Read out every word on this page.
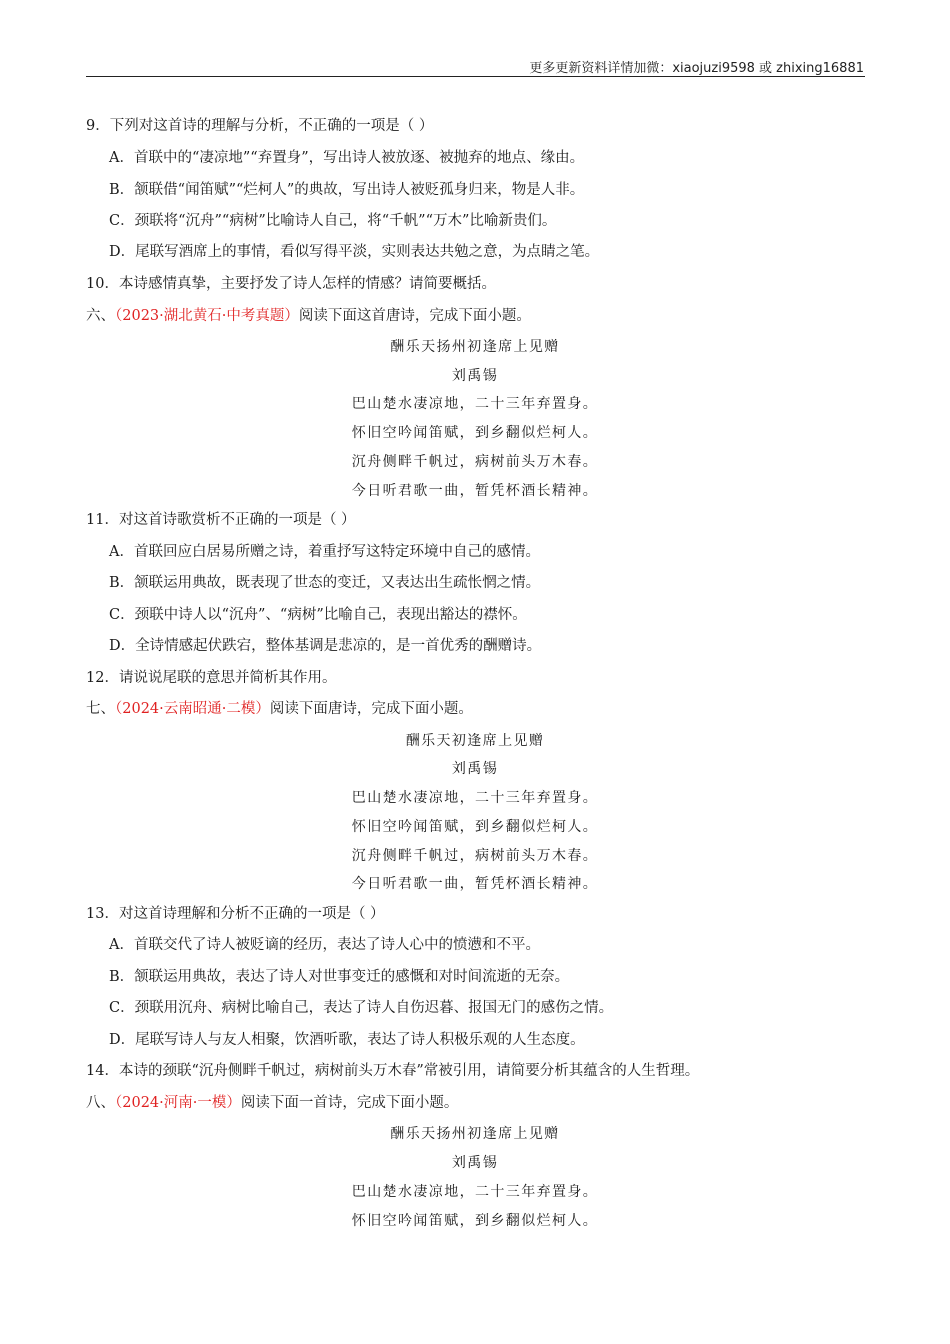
更多更新资料详情加微：xiaojuzi9598 或 zhixing16881
9．下列对这首诗的理解与分析，不正确的一项是（ ）
A．首联中的“凄凉地”“弃置身”，写出诗人被放逐、被抛弃的地点、缘由。
B．颔联借“闻笛赋”“烂柯人”的典故，写出诗人被贬孤身归来，物是人非。
C．颈联将“沉舟”“病树”比喻诗人自己，将“千帆”“万木”比喻新贵们。
D．尾联写酒席上的事情，看似写得平淡，实则表达共勉之意，为点睛之笔。
10．本诗感情真挚，主要抒发了诗人怎样的情感？请简要概括。
六、（2023·湖北黄石·中考真题）阅读下面这首唐诗，完成下面小题。
酬乐天扬州初逢席上见赠
刘禹锡
巴山楚水凄凉地，二十三年弃置身。
怀旧空吟闻笛赋，到乡翻似烂柯人。
沉舟侧畔千帆过，病树前头万木春。
今日听君歌一曲，暂凭杯酒长精神。
11．对这首诗歌赏析不正确的一项是（ ）
A．首联回应白居易所赠之诗，着重抒写这特定环境中自己的感情。
B．颔联运用典故，既表现了世态的变迁，又表达出生疏怅惘之情。
C．颈联中诗人以“沉舟”、“病树”比喻自己，表现出豁达的襟怀。
D．全诗情感起伏跌宕，整体基调是悲凉的，是一首优秀的酬赠诗。
12．请说说尾联的意思并简析其作用。
七、（2024·云南昭通·二模）阅读下面唐诗，完成下面小题。
酬乐天初逢席上见赠
刘禹锡
巴山楚水凄凉地，二十三年弃置身。
怀旧空吟闻笛赋，到乡翻似烂柯人。
沉舟侧畔千帆过，病树前头万木春。
今日听君歌一曲，暂凭杯酒长精神。
13．对这首诗理解和分析不正确的一项是（ ）
A．首联交代了诗人被贬谪的经历，表达了诗人心中的愤懑和不平。
B．颔联运用典故，表达了诗人对世事变迁的感慨和对时间流逝的无奈。
C．颈联用沉舟、病树比喻自己，表达了诗人自伤迟暮、报国无门的感伤之情。
D．尾联写诗人与友人相聚，饮酒听歌，表达了诗人积极乐观的人生态度。
14．本诗的颈联“沉舟侧畔千帆过，病树前头万木春”常被引用，请简要分析其蕴含的人生哲理。
八、（2024·河南·一模）阅读下面一首诗，完成下面小题。
酬乐天扬州初逢席上见赠
刘禹锡
巴山楚水凄凉地，二十三年弃置身。
怀旧空吟闻笛赋，到乡翻似烂柯人。
